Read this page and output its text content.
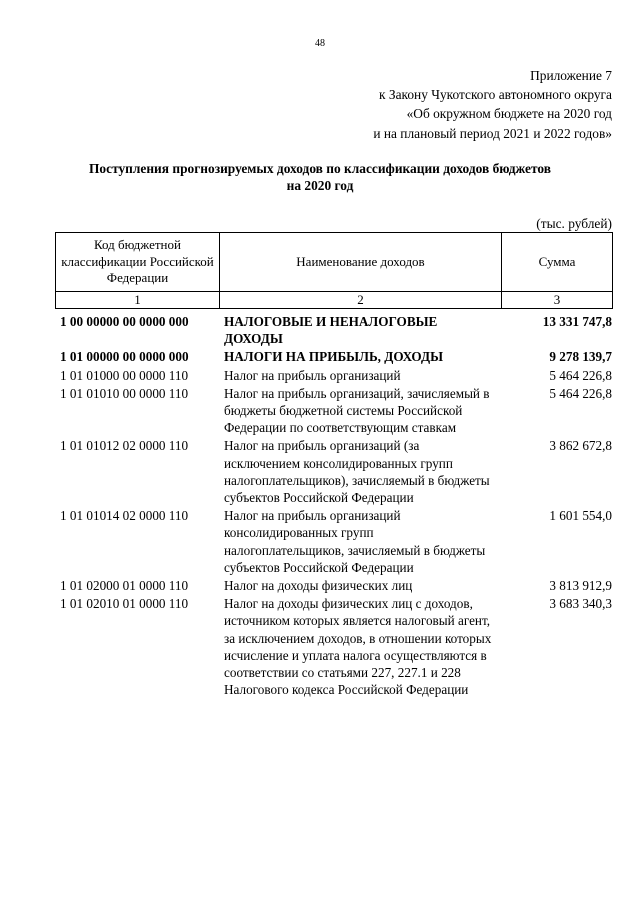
48
Приложение 7
к Закону Чукотского автономного округа
«Об окружном бюджете на 2020 год
и на плановый период 2021 и 2022 годов»
Поступления прогнозируемых доходов по классификации доходов бюджетов
на 2020 год
(тыс. рублей)
Код бюджетной классификации Российской Федерации	Наименование доходов	Сумма
1	2	3
1 00 00000 00 0000 000	НАЛОГОВЫЕ И НЕНАЛОГОВЫЕ ДОХОДЫ	13 331 747,8
1 01 00000 00 0000 000	НАЛОГИ НА ПРИБЫЛЬ, ДОХОДЫ	9 278 139,7
1 01 01000 00 0000 110	Налог на прибыль организаций	5 464 226,8
1 01 01010 00 0000 110	Налог на прибыль организаций, зачисляемый в бюджеты бюджетной системы Российской Федерации по соответствующим ставкам	5 464 226,8
1 01 01012 02 0000 110	Налог на прибыль организаций (за исключением консолидированных групп налогоплательщиков), зачисляемый в бюджеты субъектов Российской Федерации	3 862 672,8
1 01 01014 02 0000 110	Налог на прибыль организаций консолидированных групп налогоплательщиков, зачисляемый в бюджеты субъектов Российской Федерации	1 601 554,0
1 01 02000 01 0000 110	Налог на доходы физических лиц	3 813 912,9
1 01 02010 01 0000 110	Налог на доходы физических лиц с доходов, источником которых является налоговый агент, за исключением доходов, в отношении которых исчисление и уплата налога осуществляются в соответствии со статьями 227, 227.1 и 228 Налогового кодекса Российской Федерации	3 683 340,3
